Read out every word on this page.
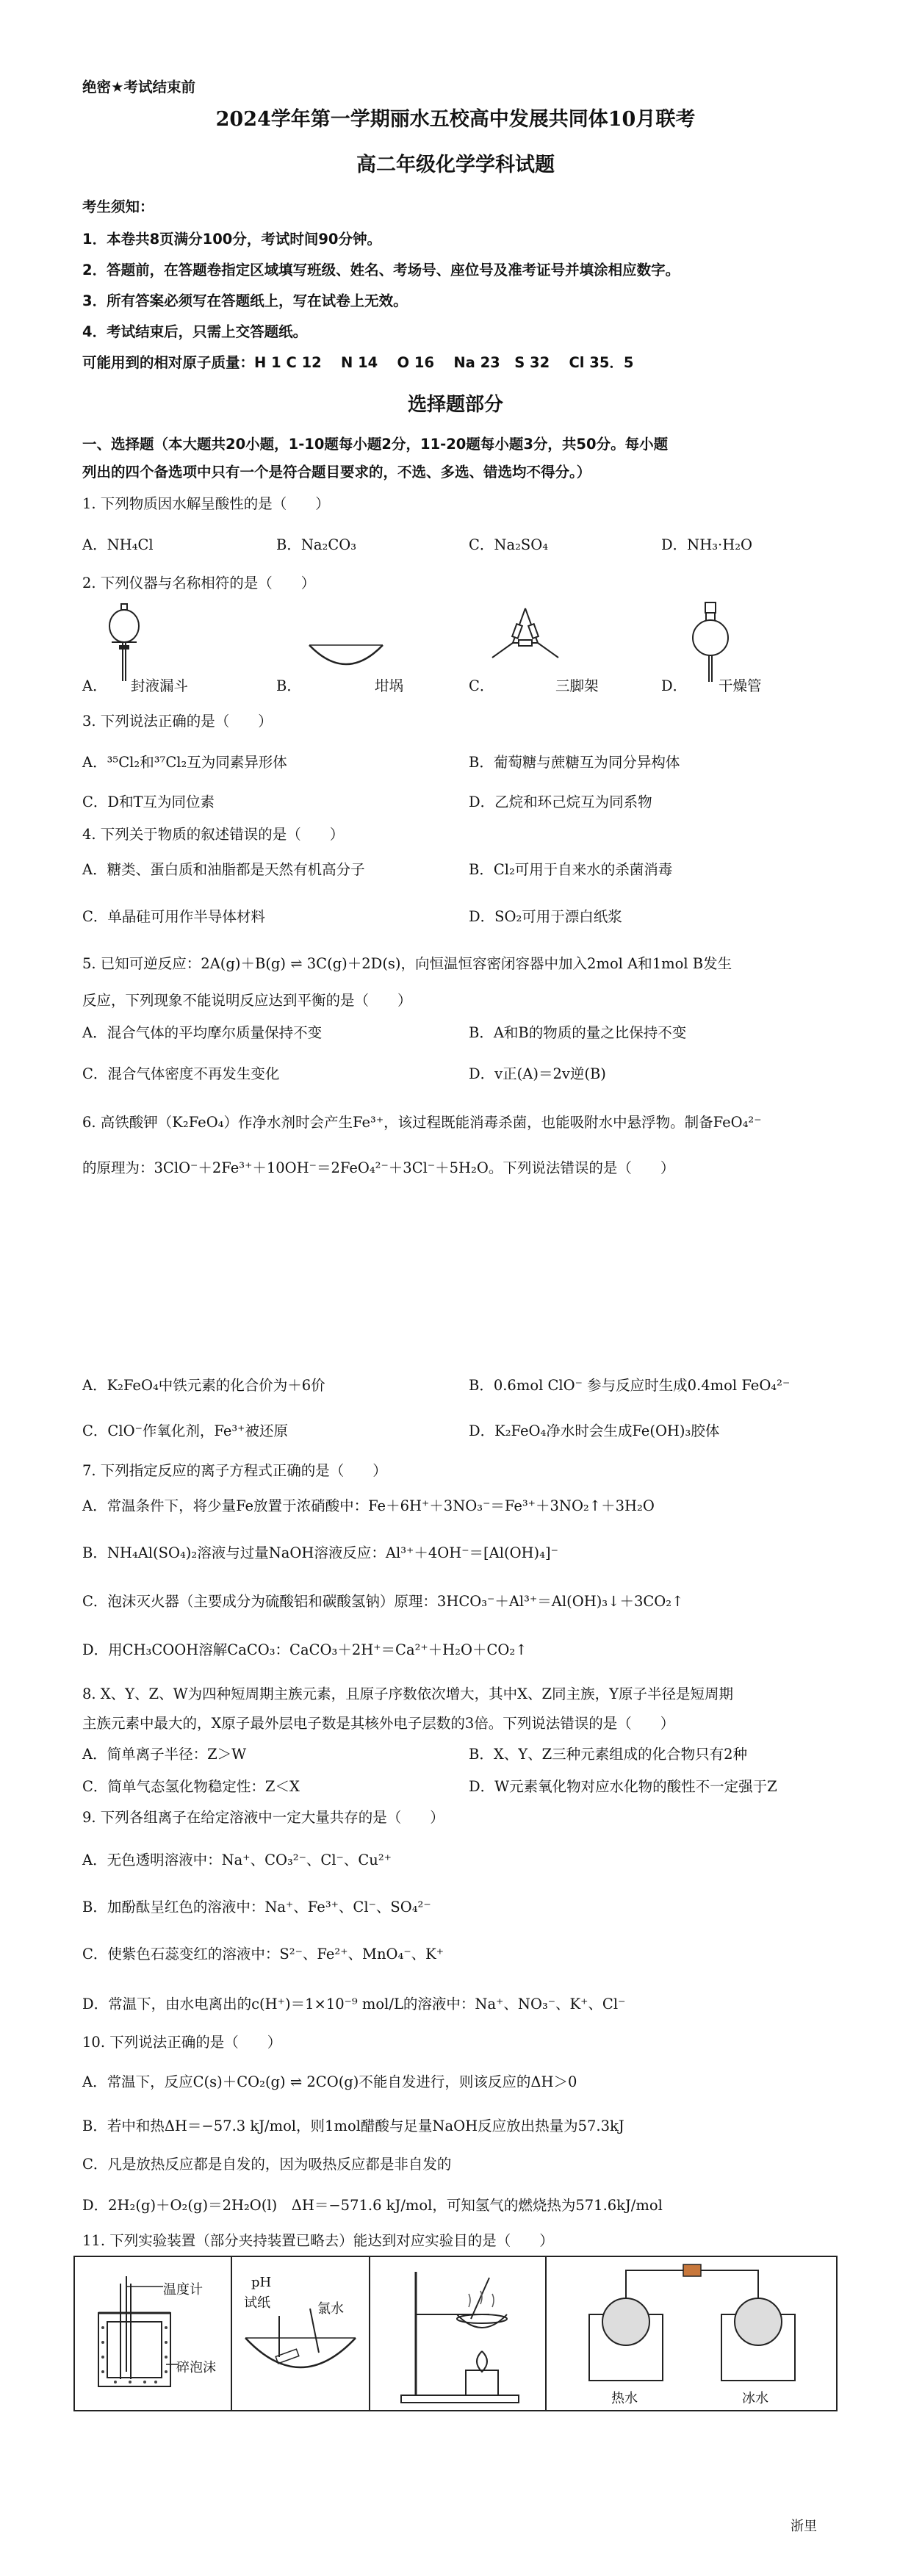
绝密★考试结束前
2024学年第一学期丽水五校高中发展共同体10月联考
高二年级化学学科试题
考生须知：
1．本卷共8页满分100分，考试时间90分钟。
2．答题前，在答题卷指定区域填写班级、姓名、考场号、座位号及准考证号并填涂相应数字。
3．所有答案必须写在答题纸上，写在试卷上无效。
4．考试结束后，只需上交答题纸。
可能用到的相对原子质量：H 1 C 12　 N 14　 O 16　 Na 23　S 32　 Cl 35．5
选择题部分
一、选择题（本大题共20小题，1-10题每小题2分，11-20题每小题3分，共50分。每小题
列出的四个备选项中只有一个是符合题目要求的，不选、多选、错选均不得分。）
1. 下列物质因水解呈酸性的是（　　）
A．NH₄Cl	B．Na₂CO₃	C．Na₂SO₄	D．NH₃·H₂O
2. 下列仪器与名称相符的是（　　）
A． 封液漏斗	B．	坩埚	C．	三脚架	D． 干燥管
3. 下列说法正确的是（　　）
A．³⁵Cl₂和³⁷Cl₂互为同素异形体	B．葡萄糖与蔗糖互为同分异构体
C．D和T互为同位素	D．乙烷和环己烷互为同系物
4. 下列关于物质的叙述错误的是（　　）
A．糖类、蛋白质和油脂都是天然有机高分子	B．Cl₂可用于自来水的杀菌消毒
C．单晶硅可用作半导体材料	D．SO₂可用于漂白纸浆
5. 已知可逆反应：2A(g)＋B(g) ⇌ 3C(g)＋2D(s)，向恒温恒容密闭容器中加入2mol A和1mol B发生
反应，下列现象不能说明反应达到平衡的是（　　）
A．混合气体的平均摩尔质量保持不变	B．A和B的物质的量之比保持不变
C．混合气体密度不再发生变化	D．v正(A)＝2v逆(B)
6. 高铁酸钾（K₂FeO₄）作净水剂时会产生Fe³⁺，该过程既能消毒杀菌，也能吸附水中悬浮物。制备FeO₄²⁻
的原理为：3ClO⁻＋2Fe³⁺＋10OH⁻＝2FeO₄²⁻＋3Cl⁻＋5H₂O。下列说法错误的是（　　）
A．K₂FeO₄中铁元素的化合价为＋6价	B．0.6mol ClO⁻ 参与反应时生成0.4mol FeO₄²⁻
C．ClO⁻作氧化剂，Fe³⁺被还原	D．K₂FeO₄净水时会生成Fe(OH)₃胶体
7. 下列指定反应的离子方程式正确的是（　　）
A．常温条件下，将少量Fe放置于浓硝酸中：Fe＋6H⁺＋3NO₃⁻＝Fe³⁺＋3NO₂↑＋3H₂O
B．NH₄Al(SO₄)₂溶液与过量NaOH溶液反应：Al³⁺＋4OH⁻＝[Al(OH)₄]⁻
C．泡沫灭火器（主要成分为硫酸铝和碳酸氢钠）原理：3HCO₃⁻＋Al³⁺＝Al(OH)₃↓＋3CO₂↑
D．用CH₃COOH溶解CaCO₃：CaCO₃＋2H⁺＝Ca²⁺＋H₂O＋CO₂↑
8. X、Y、Z、W为四种短周期主族元素，且原子序数依次增大，其中X、Z同主族，Y原子半径是短周期
主族元素中最大的，X原子最外层电子数是其核外电子层数的3倍。下列说法错误的是（　　）
A．简单离子半径：Z＞W	B．X、Y、Z三种元素组成的化合物只有2种
C．简单气态氢化物稳定性：Z＜X	D．W元素氧化物对应水化物的酸性不一定强于Z
9. 下列各组离子在给定溶液中一定大量共存的是（　　）
A．无色透明溶液中：Na⁺、CO₃²⁻、Cl⁻、Cu²⁺
B．加酚酞呈红色的溶液中：Na⁺、Fe³⁺、Cl⁻、SO₄²⁻
C．使紫色石蕊变红的溶液中：S²⁻、Fe²⁺、MnO₄⁻、K⁺
D．常温下，由水电离出的c(H⁺)＝1×10⁻⁹ mol/L的溶液中：Na⁺、NO₃⁻、K⁺、Cl⁻
10. 下列说法正确的是（　　）
A．常温下，反应C(s)＋CO₂(g) ⇌ 2CO(g)不能自发进行，则该反应的ΔH＞0
B．若中和热ΔH＝−57.3 kJ/mol，则1mol醋酸与足量NaOH反应放出热量为57.3kJ
C．凡是放热反应都是自发的，因为吸热反应都是非自发的
D．2H₂(g)＋O₂(g)＝2H₂O(l)　ΔH＝−571.6 kJ/mol，可知氢气的燃烧热为571.6kJ/mol
11. 下列实验装置（部分夹持装置已略去）能达到对应实验目的是（　　）
温度计
碎泡沫
pH
试纸	氯水
热水	冰水
浙里
